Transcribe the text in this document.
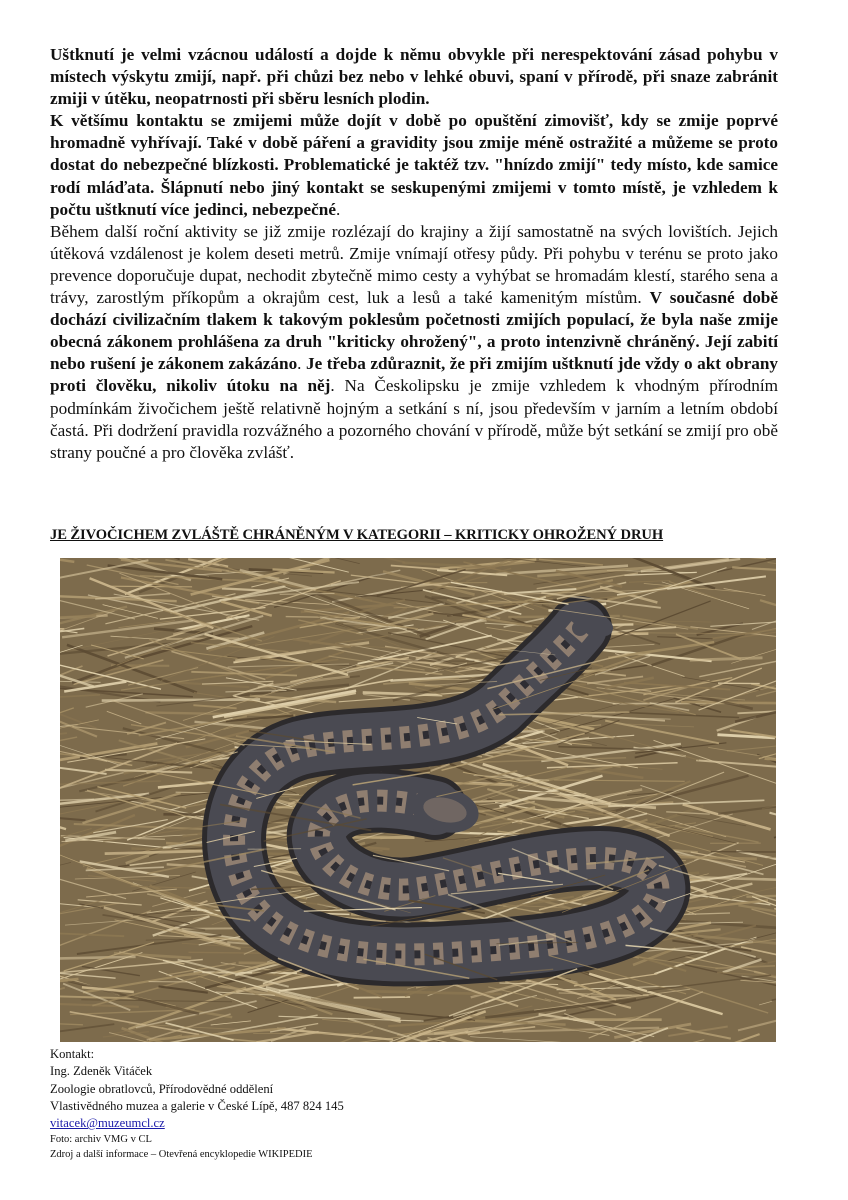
Uštknutí je velmi vzácnou událostí a dojde k němu obvykle při nerespektování zásad pohybu v místech výskytu zmijí, např. při chůzi bez nebo v lehké obuvi, spaní v přírodě, při snaze zabránit zmiji v útěku, neopatrnosti při sběru lesních plodin.

K většímu kontaktu se zmijemi může dojít v době po opuštění zimovišť, kdy se zmije poprvé hromadně vyhřívají. Také v době páření a gravidity jsou zmije méně ostražité a můžeme se proto dostat do nebezpečné blízkosti. Problematické je taktéž tzv. "hnízdo zmijí" tedy místo, kde samice rodí mláďata. Šlápnutí nebo jiný kontakt se seskupenými zmijemi v tomto místě, je vzhledem k počtu uštknutí více jedinci, nebezpečné.

Během další roční aktivity se již zmije rozlézají do krajiny a žijí samostatně na svých lovištích. Jejich útěková vzdálenost je kolem deseti metrů. Zmije vnímají otřesy půdy. Při pohybu v terénu se proto jako prevence doporučuje dupat, nechodit zbytečně mimo cesty a vyhýbat se hromadám klestí, starého sena a trávy, zarostlým příkopům a okrajům cest, luk a lesů a také kamenitým místům. V současné době dochází civilizačním tlakem k takovým poklesům početnosti zmijích populací, že byla naše zmije obecná zákonem prohlášena za druh "kriticky ohrožený", a proto intenzivně chráněný. Její zabití nebo rušení je zákonem zakázáno. Je třeba zdůraznit, že při zmijím uštknutí jde vždy o akt obrany proti člověku, nikoliv útoku na něj. Na Českolipsku je zmije vzhledem k vhodným přírodním podmínkám živočichem ještě relativně hojným a setkání s ní, jsou především v jarním a letním období častá. Při dodržení pravidla rozvážného a pozorného chování v přírodě, může být setkání se zmijí pro obě strany poučné a pro člověka zvlášť.

JE ŽIVOČICHEM ZVLÁŠTĚ CHRÁNĚNÝM V KATEGORII – KRITICKY OHROŽENÝ DRUH
Kontakt:
Ing. Zdeněk Vitáček
Zoologie obratlovců, Přírodovědné oddělení
Vlastivědného muzea a galerie v České Lípě, 487 824 145
vitacek@muzeumcl.cz
Foto: archiv VMG v CL
Zdroj a další informace – Otevřená encyklopedie WIKIPEDIE
